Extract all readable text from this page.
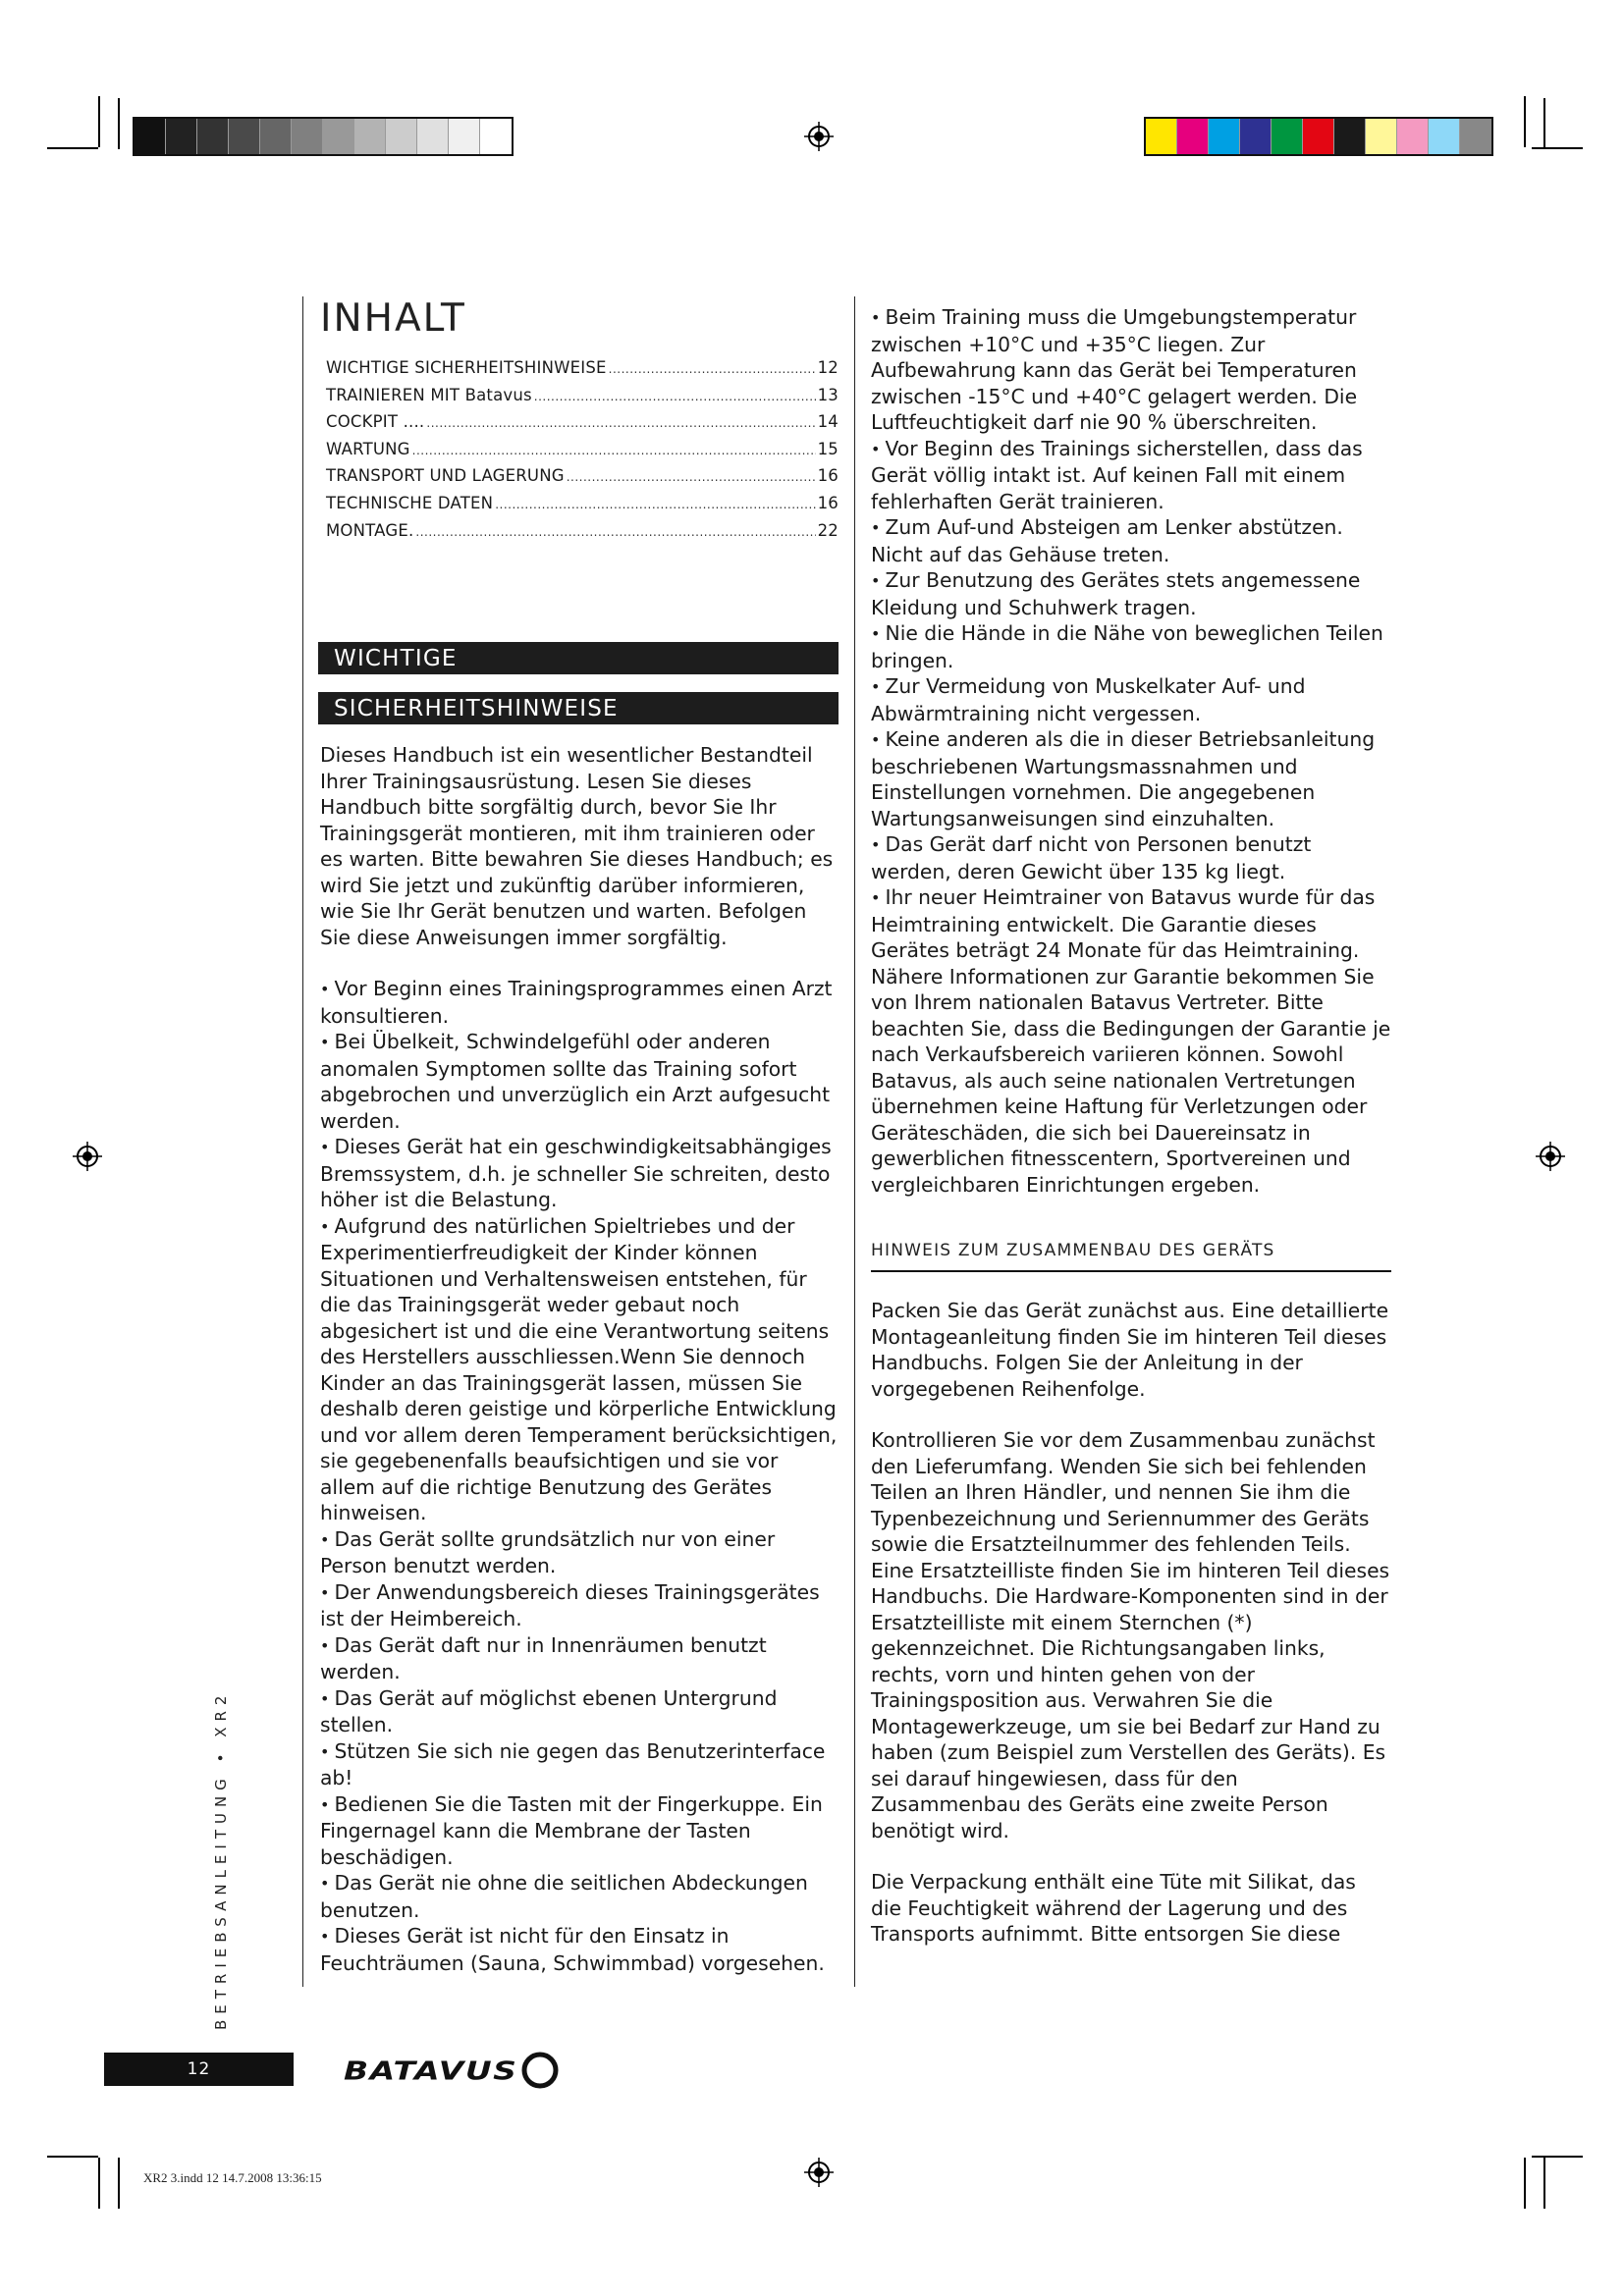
INHALT
WICHTIGE SICHERHEITSHINWEISE .....	12
TRAINIEREN MIT Batavus .....	13
COCKPIT .... .....	14
WARTUNG .....	15
TRANSPORT UND LAGERUNG .....	16
TECHNISCHE DATEN .....	16
MONTAGE. .....	22
WICHTIGE
SICHERHEITSHINWEISE

Dieses Handbuch ist ein wesentlicher Bestandteil Ihrer Trainingsausrüstung. Lesen Sie dieses Handbuch bitte sorgfältig durch, bevor Sie Ihr Trainingsgerät montieren, mit ihm trainieren oder es warten. Bitte bewahren Sie dieses Handbuch; es wird Sie jetzt und zukünftig darüber informieren, wie Sie Ihr Gerät benutzen und warten. Befolgen Sie diese Anweisungen immer sorgfältig.

• Vor Beginn eines Trainingsprogrammes einen Arzt konsultieren.

• Bei Übelkeit, Schwindelgefühl oder anderen anomalen Symptomen sollte das Training sofort abgebrochen und unverzüglich ein Arzt aufgesucht werden.

• Dieses Gerät hat ein geschwindigkeitsabhängiges Bremssystem, d.h. je schneller Sie schreiten, desto höher ist die Belastung.

• Aufgrund des natürlichen Spieltriebes und der Experimentierfreudigkeit der Kinder können Situationen und Verhaltensweisen entstehen, für die das Trainingsgerät weder gebaut noch abgesichert ist und die eine Verantwortung seitens des Herstellers ausschliessen.Wenn Sie dennoch Kinder an das Trainingsgerät lassen, müssen Sie deshalb deren geistige und körperliche Entwicklung und vor allem deren Temperament berücksichtigen, sie gegebenenfalls beaufsichtigen und sie vor allem auf die richtige Benutzung des Gerätes hinweisen.

• Das Gerät sollte grundsätzlich nur von einer Person benutzt werden.

• Der Anwendungsbereich dieses Trainingsgerätes ist der Heimbereich.

• Das Gerät daft nur in Innenräumen benutzt werden.

• Das Gerät auf möglichst ebenen Untergrund stellen.

• Stützen Sie sich nie gegen das Benutzerinterface ab!

• Bedienen Sie die Tasten mit der Fingerkuppe. Ein Fingernagel kann die Membrane der Tasten beschädigen.

• Das Gerät nie ohne die seitlichen Abdeckungen benutzen.

• Dieses Gerät ist nicht für den Einsatz in Feuchträumen (Sauna, Schwimmbad) vorgesehen.

• Beim Training muss die Umgebungstemperatur zwischen +10°C und +35°C liegen. Zur Aufbewahrung kann das Gerät bei Temperaturen zwischen -15°C und +40°C gelagert werden. Die Luftfeuchtigkeit darf nie 90 % überschreiten.

• Vor Beginn des Trainings sicherstellen, dass das Gerät völlig intakt ist. Auf keinen Fall mit einem fehlerhaften Gerät trainieren.

• Zum Auf-und Absteigen am Lenker abstützen. Nicht auf das Gehäuse treten.

• Zur Benutzung des Gerätes stets angemessene Kleidung und Schuhwerk tragen.

• Nie die Hände in die Nähe von beweglichen Teilen bringen.

• Zur Vermeidung von Muskelkater Auf- und Abwärmtraining nicht vergessen.

• Keine anderen als die in dieser Betriebsanleitung beschriebenen Wartungsmassnahmen und Einstellungen vornehmen. Die angegebenen Wartungsanweisungen sind einzuhalten.

• Das Gerät darf nicht von Personen benutzt werden, deren Gewicht über 135 kg liegt.

• Ihr neuer Heimtrainer von Batavus wurde für das Heimtraining entwickelt. Die Garantie dieses Gerätes beträgt 24 Monate für das Heimtraining. Nähere Informationen zur Garantie bekommen Sie von Ihrem nationalen Batavus Vertreter. Bitte beachten Sie, dass die Bedingungen der Garantie je nach Verkaufsbereich variieren können. Sowohl Batavus, als auch seine nationalen Vertretungen übernehmen keine Haftung für Verletzungen oder Geräteschäden, die sich bei Dauereinsatz in gewerblichen fitnesscentern, Sportvereinen und vergleichbaren Einrichtungen ergeben.

HINWEIS ZUM ZUSAMMENBAU DES GERÄTS

Packen Sie das Gerät zunächst aus. Eine detaillierte Montageanleitung finden Sie im hinteren Teil dieses Handbuchs. Folgen Sie der Anleitung in der vorgegebenen Reihenfolge.

Kontrollieren Sie vor dem Zusammenbau zunächst den Lieferumfang. Wenden Sie sich bei fehlenden Teilen an Ihren Händler, und nennen Sie ihm die Typenbezeichnung und Seriennummer des Geräts sowie die Ersatzteilnummer des fehlenden Teils. Eine Ersatzteilliste finden Sie im hinteren Teil dieses Handbuchs. Die Hardware-Komponenten sind in der Ersatzteilliste mit einem Sternchen (*) gekennzeichnet. Die Richtungsangaben links, rechts, vorn und hinten gehen von der Trainingsposition aus. Verwahren Sie die Montagewerkzeuge, um sie bei Bedarf zur Hand zu haben (zum Beispiel zum Verstellen des Geräts). Es sei darauf hingewiesen, dass für den Zusammenbau des Geräts eine zweite Person benötigt wird.

Die Verpackung enthält eine Tüte mit Silikat, das die Feuchtigkeit während der Lagerung und des Transports aufnimmt. Bitte entsorgen Sie diese

BETRIEBSANLEITUNG • XR2
12	BATAVUS
XR2 3.indd 12 14.7.2008 13:36:15
